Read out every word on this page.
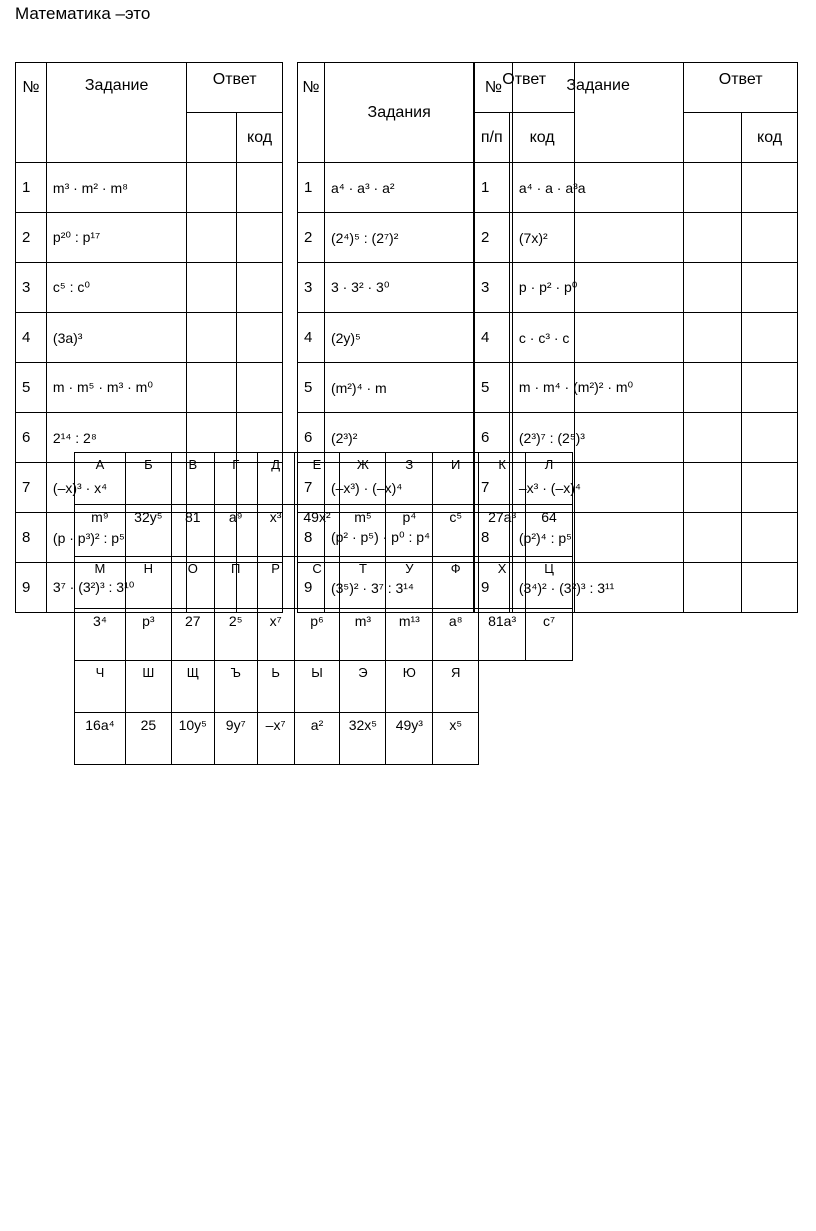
Математика –это
№	Задание	Ответ	
			код
1	m³ · m² · m⁸		
2	p²⁰ : p¹⁷		
3	c⁵ : c⁰		
4	(3a)³		
5	m · m⁵ · m³ · m⁰		
6	2¹⁴ : 2⁸		
7	(–x)³ · x⁴		
8	(p · p³)² : p⁵		
9	3⁷ · (3²)³ : 3¹⁰		
№	Задания	Ответ	
		п/п	код
1	a⁴ · a³ · a²		
2	(2⁴)⁵ : (2⁷)²		
3	3 · 3² · 3⁰		
4	(2y)⁵		
5	(m²)⁴ · m		
6	(2³)²		
7	(–x³) · (–x)⁴		
8	(p² · p⁵) · p⁰ : p⁴		
9	(3⁵)² · 3⁷ : 3¹⁴		
№	Задание	Ответ	
			код
1	a⁴ · a · a³a		
2	(7x)²		
3	p · p² · p⁰		
4	c · c³ · c		
5	m · m⁴ · (m²)² · m⁰		
6	(2³)⁷ : (2⁵)³		
7	–x³ · (–x)⁴		
8	(p²)⁴ : p⁵		
9	(3⁴)² · (3²)³ : 3¹¹		
А	Б	В	Г	Д	Е	Ж	З	И	К	Л
m⁹	32y⁵	81	a⁹	x³	49x²	m⁵	p⁴	c⁵	27a³	64
М	Н	О	П	Р	С	Т	У	Ф	Х	Ц
3⁴	p³	27	2⁵	x⁷	p⁶	m³	m¹³	a⁸	81a³	c⁷
Ч	Ш	Щ	Ъ	Ь	Ы	Э	Ю	Я		
16a⁴	25	10y⁵	9y⁷	–x⁷	a²	32x⁵	49y³	x⁵		
